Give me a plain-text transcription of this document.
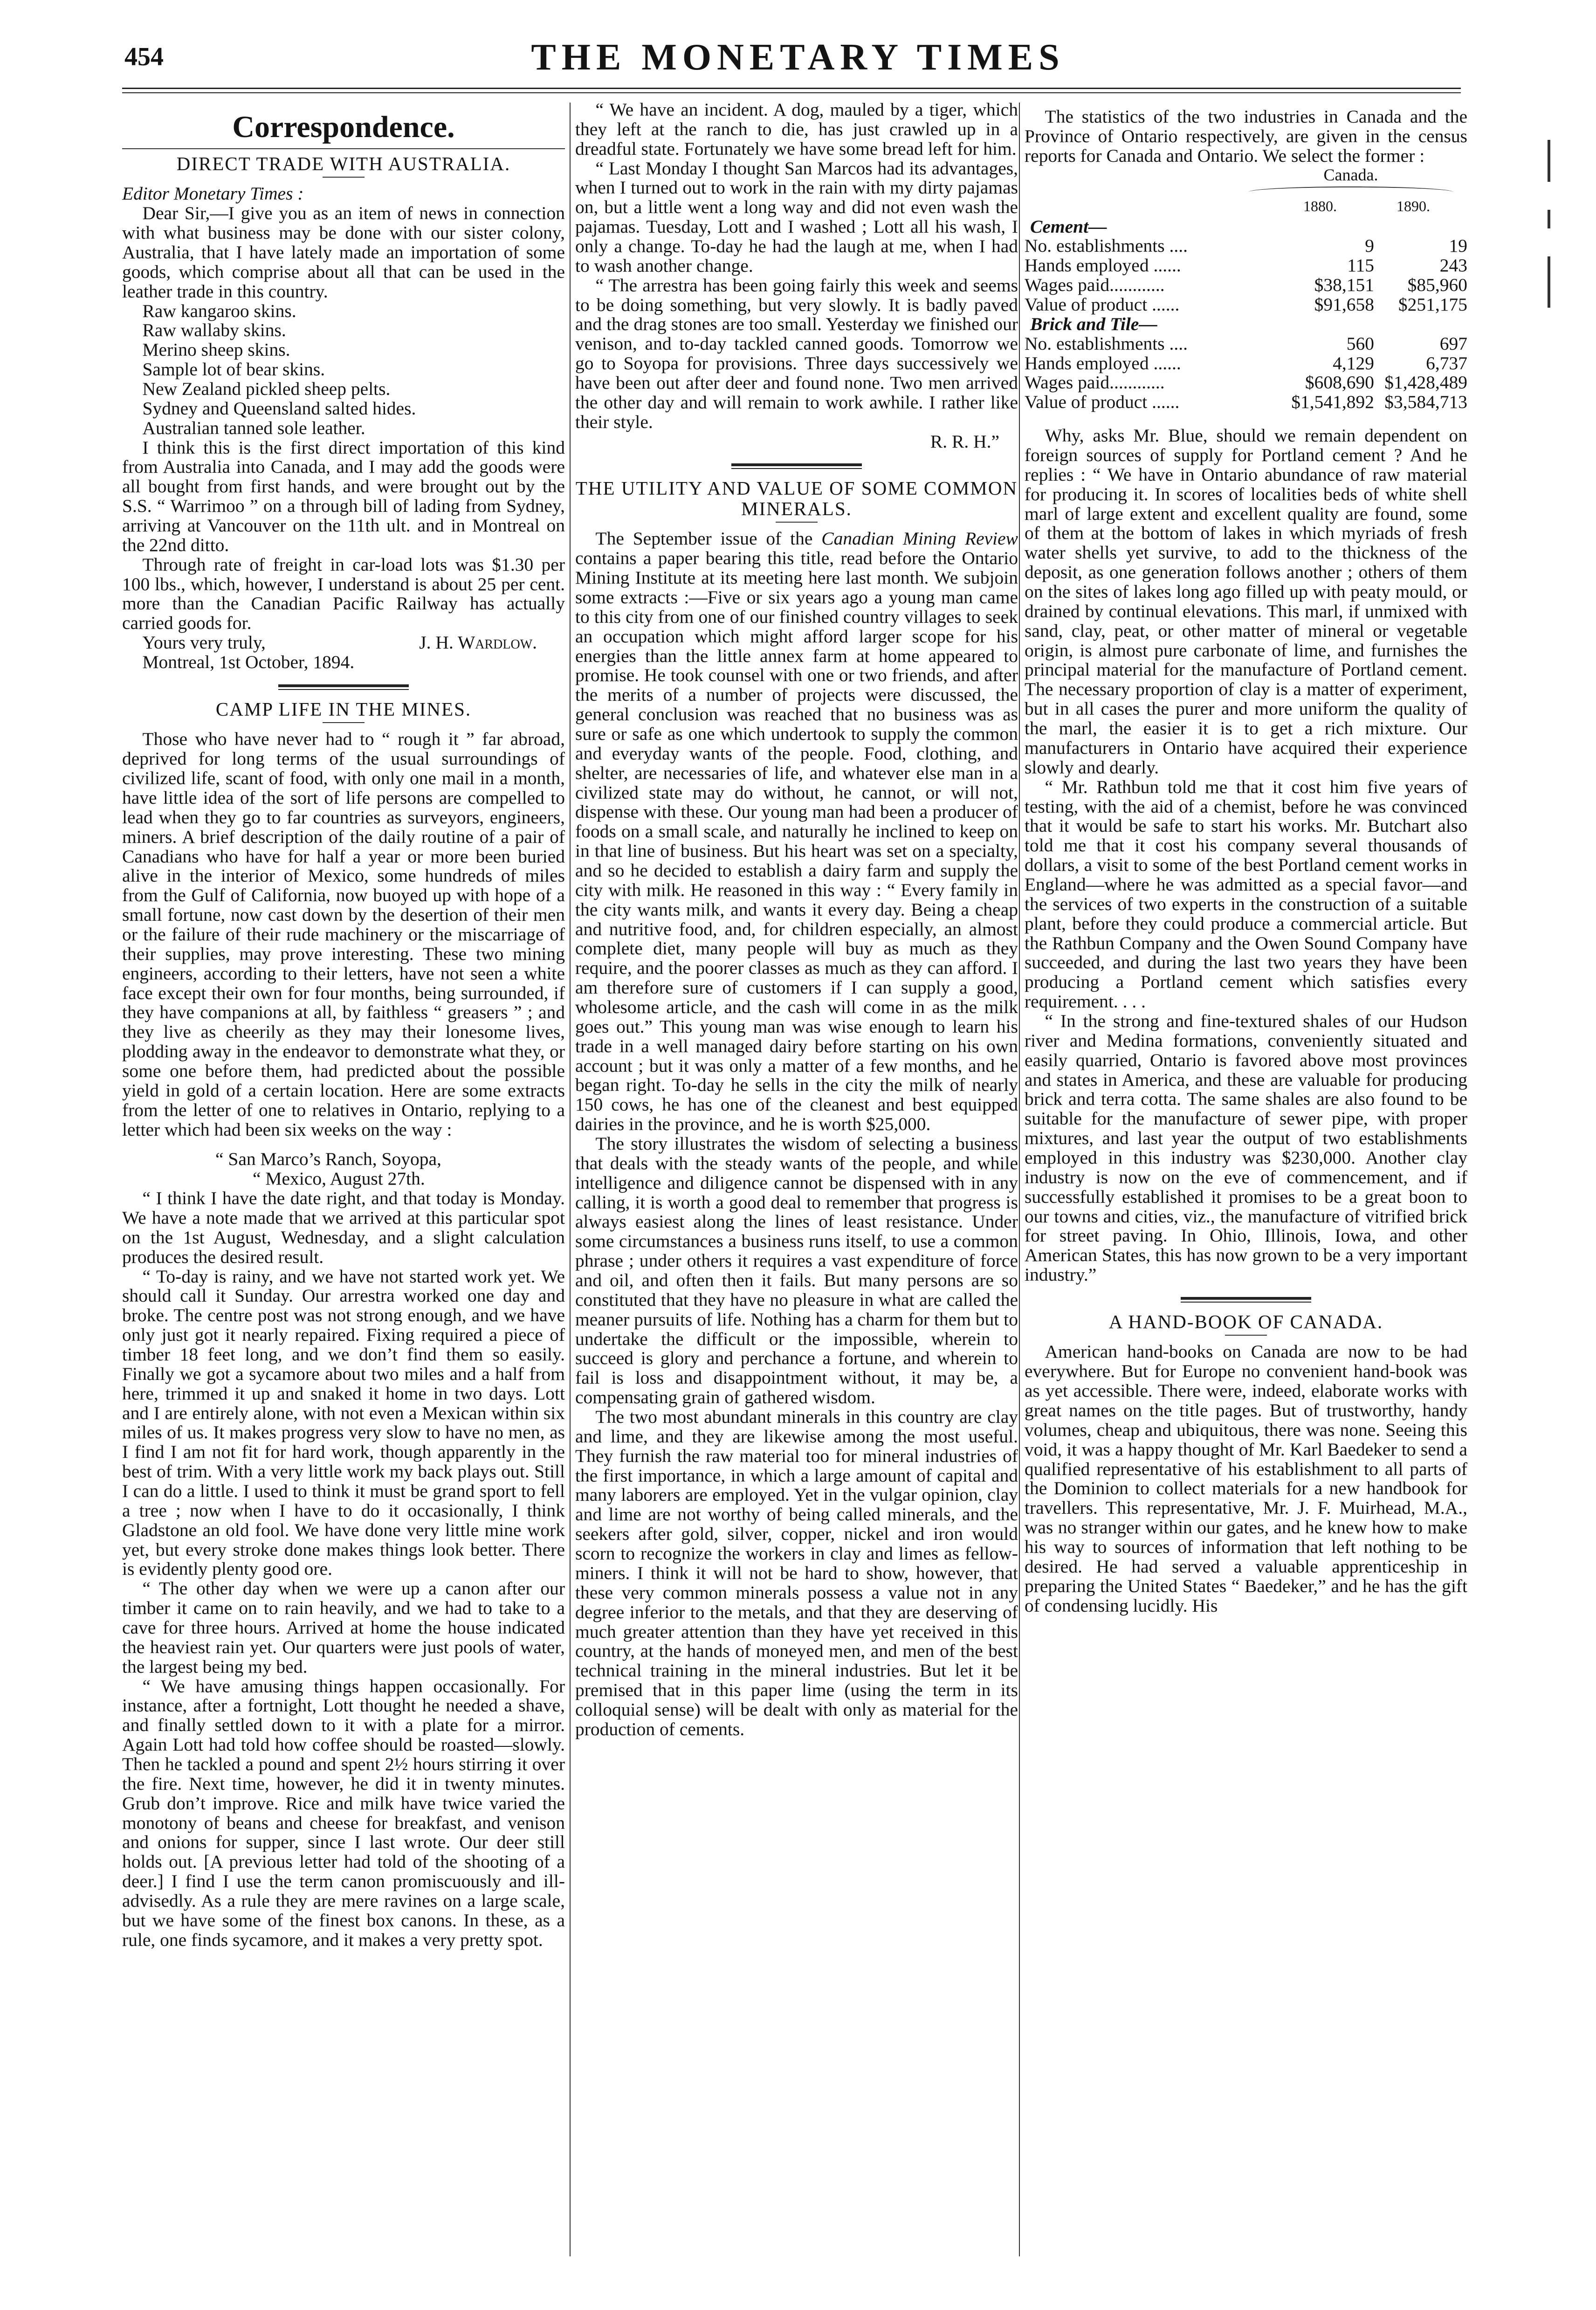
454	THE MONETARY TIMES
Correspondence.
DIRECT TRADE WITH AUSTRALIA.

Editor Monetary Times :

Dear Sir,—I give you as an item of news in connection with what business may be done with our sister colony, Australia, that I have lately made an importation of some goods, which comprise about all that can be used in the leather trade in this country.

Raw kangaroo skins.

Raw wallaby skins.

Merino sheep skins.

Sample lot of bear skins.

New Zealand pickled sheep pelts.

Sydney and Queensland salted hides.

Australian tanned sole leather.

I think this is the first direct importation of this kind from Australia into Canada, and I may add the goods were all bought from first hands, and were brought out by the S.S. “ Warrimoo ” on a through bill of lading from Sydney, arriving at Vancouver on the 11th ult. and in Montreal on the 22nd ditto.

Through rate of freight in car-load lots was $1.30 per 100 lbs., which, however, I understand is about 25 per cent. more than the Canadian Pacific Railway has actually carried goods for.

Yours very truly,	J. H. Wardlow.

Montreal, 1st October, 1894.

CAMP LIFE IN THE MINES.

Those who have never had to “ rough it ” far abroad, deprived for long terms of the usual surroundings of civilized life, scant of food, with only one mail in a month, have little idea of the sort of life persons are compelled to lead when they go to far countries as surveyors, engineers, miners. A brief description of the daily routine of a pair of Canadians who have for half a year or more been buried alive in the interior of Mexico, some hundreds of miles from the Gulf of California, now buoyed up with hope of a small fortune, now cast down by the desertion of their men or the failure of their rude machinery or the miscarriage of their supplies, may prove interesting. These two mining engineers, according to their letters, have not seen a white face except their own for four months, being surrounded, if they have companions at all, by faithless “ greasers ” ; and they live as cheerily as they may their lonesome lives, plodding away in the endeavor to demonstrate what they, or some one before them, had predicted about the possible yield in gold of a certain location. Here are some extracts from the letter of one to relatives in Ontario, replying to a letter which had been six weeks on the way :

“ San Marco’s Ranch, Soyopa,

“ Mexico, August 27th.

“ I think I have the date right, and that today is Monday. We have a note made that we arrived at this particular spot on the 1st August, Wednesday, and a slight calculation produces the desired result.

“ To-day is rainy, and we have not started work yet. We should call it Sunday. Our arrestra worked one day and broke. The centre post was not strong enough, and we have only just got it nearly repaired. Fixing required a piece of timber 18 feet long, and we don’t find them so easily. Finally we got a sycamore about two miles and a half from here, trimmed it up and snaked it home in two days. Lott and I are entirely alone, with not even a Mexican within six miles of us. It makes progress very slow to have no men, as I find I am not fit for hard work, though apparently in the best of trim. With a very little work my back plays out. Still I can do a little. I used to think it must be grand sport to fell a tree ; now when I have to do it occasionally, I think Gladstone an old fool. We have done very little mine work yet, but every stroke done makes things look better. There is evidently plenty good ore.

“ The other day when we were up a canon after our timber it came on to rain heavily, and we had to take to a cave for three hours. Arrived at home the house indicated the heaviest rain yet. Our quarters were just pools of water, the largest being my bed.

“ We have amusing things happen occasionally. For instance, after a fortnight, Lott thought he needed a shave, and finally settled down to it with a plate for a mirror. Again Lott had told how coffee should be roasted—slowly. Then he tackled a pound and spent 2½ hours stirring it over the fire. Next time, however, he did it in twenty minutes. Grub don’t improve. Rice and milk have twice varied the monotony of beans and cheese for breakfast, and venison and onions for supper, since I last wrote. Our deer still holds out. [A previous letter had told of the shooting of a deer.] I find I use the term canon promiscuously and ill-advisedly. As a rule they are mere ravines on a large scale, but we have some of the finest box canons. In these, as a rule, one finds sycamore, and it makes a very pretty spot.

“ We have an incident. A dog, mauled by a tiger, which they left at the ranch to die, has just crawled up in a dreadful state. Fortunately we have some bread left for him.

“ Last Monday I thought San Marcos had its advantages, when I turned out to work in the rain with my dirty pajamas on, but a little went a long way and did not even wash the pajamas. Tuesday, Lott and I washed ; Lott all his wash, I only a change. To-day he had the laugh at me, when I had to wash another change.

“ The arrestra has been going fairly this week and seems to be doing something, but very slowly. It is badly paved and the drag stones are too small. Yesterday we finished our venison, and to-day tackled canned goods. Tomorrow we go to Soyopa for provisions. Three days successively we have been out after deer and found none. Two men arrived the other day and will remain to work awhile. I rather like their style.

R. R. H.”

THE UTILITY AND VALUE OF SOME COMMON MINERALS.

The September issue of the Canadian Mining Review contains a paper bearing this title, read before the Ontario Mining Institute at its meeting here last month. We subjoin some extracts :—Five or six years ago a young man came to this city from one of our finished country villages to seek an occupation which might afford larger scope for his energies than the little annex farm at home appeared to promise. He took counsel with one or two friends, and after the merits of a number of projects were discussed, the general conclusion was reached that no business was as sure or safe as one which undertook to supply the common and everyday wants of the people. Food, clothing, and shelter, are necessaries of life, and whatever else man in a civilized state may do without, he cannot, or will not, dispense with these. Our young man had been a producer of foods on a small scale, and naturally he inclined to keep on in that line of business. But his heart was set on a specialty, and so he decided to establish a dairy farm and supply the city with milk. He reasoned in this way : “ Every family in the city wants milk, and wants it every day. Being a cheap and nutritive food, and, for children especially, an almost complete diet, many people will buy as much as they require, and the poorer classes as much as they can afford. I am therefore sure of customers if I can supply a good, wholesome article, and the cash will come in as the milk goes out.” This young man was wise enough to learn his trade in a well managed dairy before starting on his own account ; but it was only a matter of a few months, and he began right. To-day he sells in the city the milk of nearly 150 cows, he has one of the cleanest and best equipped dairies in the province, and he is worth $25,000.

The story illustrates the wisdom of selecting a business that deals with the steady wants of the people, and while intelligence and diligence cannot be dispensed with in any calling, it is worth a good deal to remember that progress is always easiest along the lines of least resistance. Under some circumstances a business runs itself, to use a common phrase ; under others it requires a vast expenditure of force and oil, and often then it fails. But many persons are so constituted that they have no pleasure in what are called the meaner pursuits of life. Nothing has a charm for them but to undertake the difficult or the impossible, wherein to succeed is glory and perchance a fortune, and wherein to fail is loss and disappointment without, it may be, a compensating grain of gathered wisdom.

The two most abundant minerals in this country are clay and lime, and they are likewise among the most useful. They furnish the raw material too for mineral industries of the first importance, in which a large amount of capital and many laborers are employed. Yet in the vulgar opinion, clay and lime are not worthy of being called minerals, and the seekers after gold, silver, copper, nickel and iron would scorn to recognize the workers in clay and limes as fellow-miners. I think it will not be hard to show, however, that these very common minerals possess a value not in any degree inferior to the metals, and that they are deserving of much greater attention than they have yet received in this country, at the hands of moneyed men, and men of the best technical training in the mineral industries. But let it be premised that in this paper lime (using the term in its colloquial sense) will be dealt with only as material for the production of cements.

The statistics of the two industries in Canada and the Province of Ontario respectively, are given in the census reports for Canada and Ontario. We select the former :

Canada.
1880.	1890.
Cement—		
No. establishments ....	9	19
Hands employed ......	115	243
Wages paid............	$38,151	$85,960
Value of product ......	$91,658	$251,175
Brick and Tile—		
No. establishments ....	560	697
Hands employed ......	4,129	6,737
Wages paid............	$608,690	$1,428,489
Value of product ......	$1,541,892	$3,584,713

Why, asks Mr. Blue, should we remain dependent on foreign sources of supply for Portland cement ? And he replies : “ We have in Ontario abundance of raw material for producing it. In scores of localities beds of white shell marl of large extent and excellent quality are found, some of them at the bottom of lakes in which myriads of fresh water shells yet survive, to add to the thickness of the deposit, as one generation follows another ; others of them on the sites of lakes long ago filled up with peaty mould, or drained by continual elevations. This marl, if unmixed with sand, clay, peat, or other matter of mineral or vegetable origin, is almost pure carbonate of lime, and furnishes the principal material for the manufacture of Portland cement. The necessary proportion of clay is a matter of experiment, but in all cases the purer and more uniform the quality of the marl, the easier it is to get a rich mixture. Our manufacturers in Ontario have acquired their experience slowly and dearly.

“ Mr. Rathbun told me that it cost him five years of testing, with the aid of a chemist, before he was convinced that it would be safe to start his works. Mr. Butchart also told me that it cost his company several thousands of dollars, a visit to some of the best Portland cement works in England—where he was admitted as a special favor—and the services of two experts in the construction of a suitable plant, before they could produce a commercial article. But the Rathbun Company and the Owen Sound Company have succeeded, and during the last two years they have been producing a Portland cement which satisfies every requirement. . . .

“ In the strong and fine-textured shales of our Hudson river and Medina formations, conveniently situated and easily quarried, Ontario is favored above most provinces and states in America, and these are valuable for producing brick and terra cotta. The same shales are also found to be suitable for the manufacture of sewer pipe, with proper mixtures, and last year the output of two establishments employed in this industry was $230,000. Another clay industry is now on the eve of commencement, and if successfully established it promises to be a great boon to our towns and cities, viz., the manufacture of vitrified brick for street paving. In Ohio, Illinois, Iowa, and other American States, this has now grown to be a very important industry.”

A HAND-BOOK OF CANADA.

American hand-books on Canada are now to be had everywhere. But for Europe no convenient hand-book was as yet accessible. There were, indeed, elaborate works with great names on the title pages. But of trustworthy, handy volumes, cheap and ubiquitous, there was none. Seeing this void, it was a happy thought of Mr. Karl Baedeker to send a qualified representative of his establishment to all parts of the Dominion to collect materials for a new handbook for travellers. This representative, Mr. J. F. Muirhead, M.A., was no stranger within our gates, and he knew how to make his way to sources of information that left nothing to be desired. He had served a valuable apprenticeship in preparing the United States “ Baedeker,” and he has the gift of condensing lucidly. His
